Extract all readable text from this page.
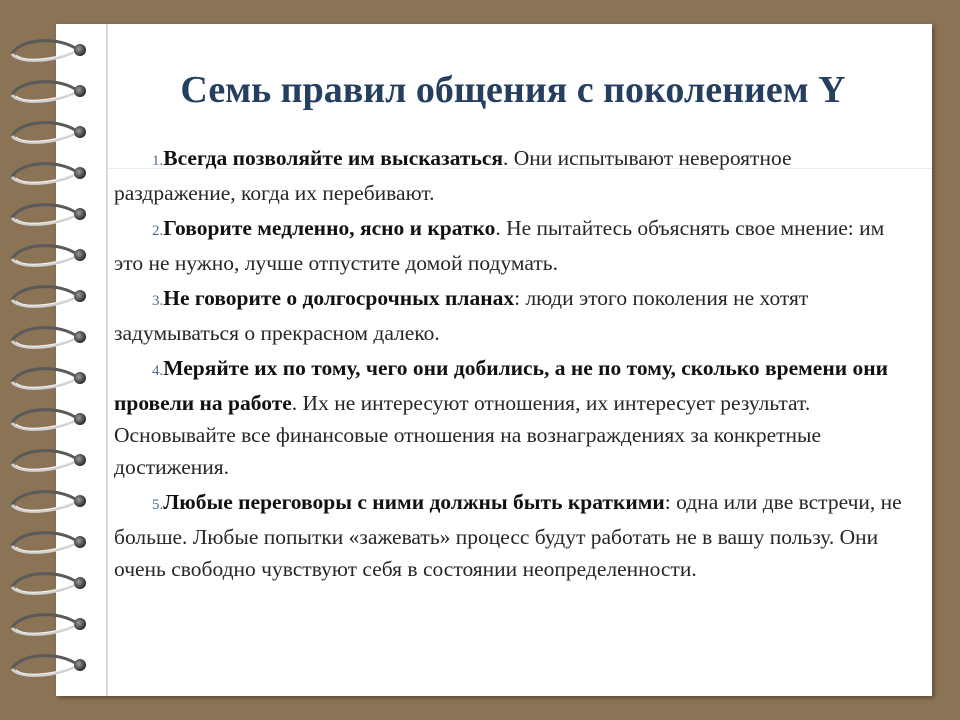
Семь правил общения с поколением Y
1.Всегда позволяйте им высказаться. Они испытывают невероятное раздражение, когда их перебивают.
2.Говорите медленно, ясно и кратко. Не пытайтесь объяснять свое мнение: им это не нужно, лучше отпустите домой подумать.
3.Не говорите о долгосрочных планах: люди этого поколения не хотят задумываться о прекрасном далеко.
4.Меряйте их по тому, чего они добились, а не по тому, сколько времени они провели на работе. Их не интересуют отношения, их интересует результат. Основывайте все финансовые отношения на вознаграждениях за конкретные достижения.
5.Любые переговоры с ними должны быть краткими: одна или две встречи, не больше. Любые попытки «зажевать» процесс будут работать не в вашу пользу. Они очень свободно чувствуют себя в состоянии неопределенности.
